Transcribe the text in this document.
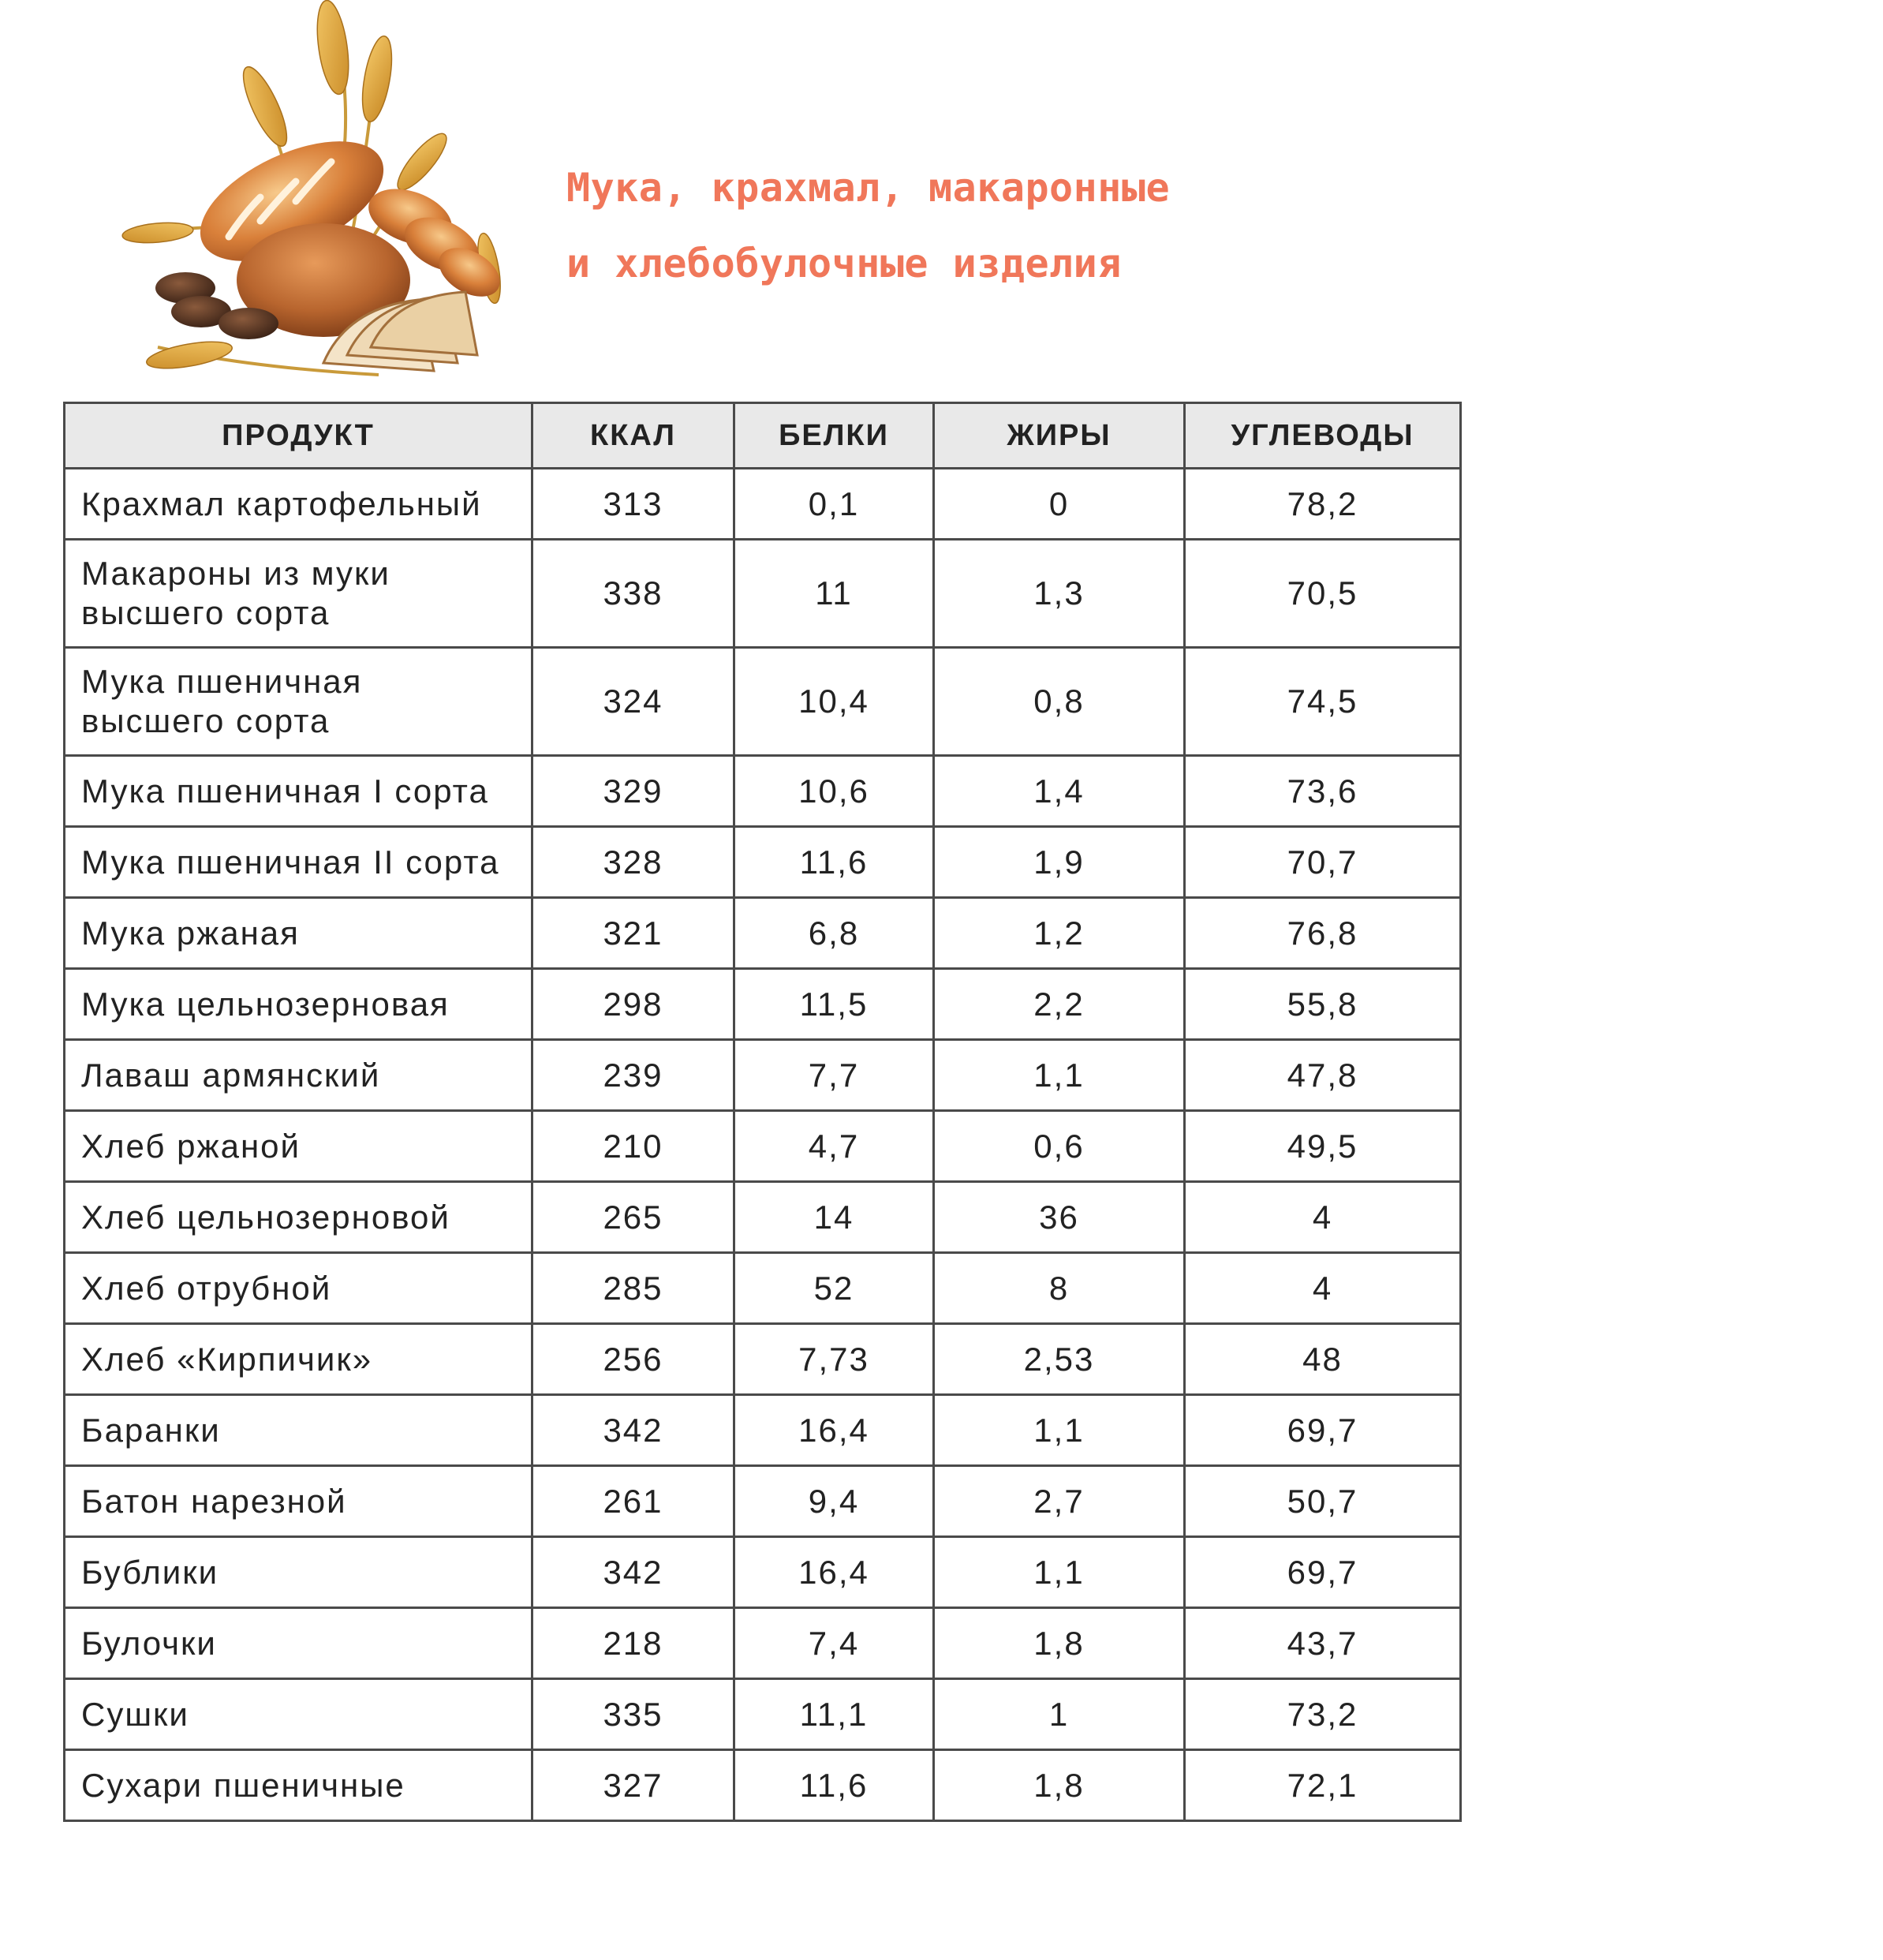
Мука, крахмал, макаронные
и хлебобулочные изделия
ПРОДУКТ	ККАЛ	БЕЛКИ	ЖИРЫ	УГЛЕВОДЫ

Крахмал картофельный	313	0,1	0	78,2

Макароны из муки
высшего сорта	338	11	1,3	70,5

Мука пшеничная
высшего сорта	324	10,4	0,8	74,5

Мука пшеничная I сорта	329	10,6	1,4	73,6

Мука пшеничная II сорта	328	11,6	1,9	70,7

Мука ржаная	321	6,8	1,2	76,8

Мука цельнозерновая	298	11,5	2,2	55,8

Лаваш армянский	239	7,7	1,1	47,8

Хлеб ржаной	210	4,7	0,6	49,5

Хлеб цельнозерновой	265	14	36	4

Хлеб отрубной	285	52	8	4

Хлеб «Кирпичик»	256	7,73	2,53	48

Баранки	342	16,4	1,1	69,7

Батон нарезной	261	9,4	2,7	50,7

Бублики	342	16,4	1,1	69,7

Булочки	218	7,4	1,8	43,7

Сушки	335	11,1	1	73,2

Сухари пшеничные	327	11,6	1,8	72,1
